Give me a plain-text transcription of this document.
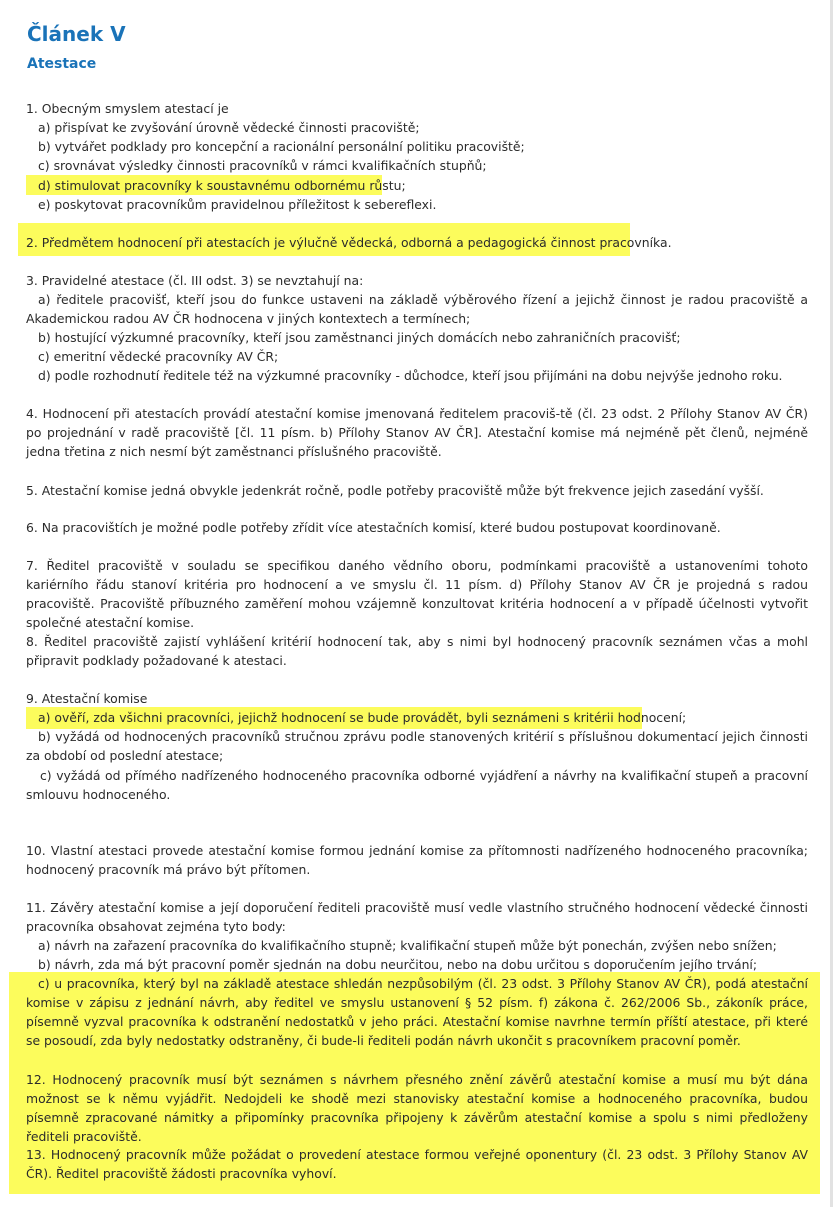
Článek V
Atestace
1. Obecným smyslem atestací je
a) přispívat ke zvyšování úrovně vědecké činnosti pracoviště;
b) vytvářet podklady pro koncepční a racionální personální politiku pracoviště;
c) srovnávat výsledky činnosti pracovníků v rámci kvalifikačních stupňů;
d) stimulovat pracovníky k soustavnému odbornému růstu;
e) poskytovat pracovníkům pravidelnou příležitost k sebereflexi.
2. Předmětem hodnocení při atestacích je výlučně vědecká, odborná a pedagogická činnost pracovníka.
3. Pravidelné atestace (čl. III odst. 3) se nevztahují na:

a) ředitele pracovišť, kteří jsou do funkce ustaveni na základě výběrového řízení a jejichž činnost je radou pracoviště a Akademickou radou AV ČR hodnocena v jiných kontextech a termínech;

b) hostující výzkumné pracovníky, kteří jsou zaměstnanci jiných domácích nebo zahraničních pracovišť;
c) emeritní vědecké pracovníky AV ČR;
d) podle rozhodnutí ředitele též na výzkumné pracovníky - důchodce, kteří jsou přijímáni na dobu nejvýše jednoho roku.

4. Hodnocení při atestacích provádí atestační komise jmenovaná ředitelem pracoviš-tě (čl. 23 odst. 2 Přílohy Stanov AV ČR) po projednání v radě pracoviště [čl. 11 písm. b) Přílohy Stanov AV ČR]. Atestační komise má nejméně pět členů, nejméně jedna třetina z nich nesmí být zaměstnanci příslušného pracoviště.

5. Atestační komise jedná obvykle jedenkrát ročně, podle potřeby pracoviště může být frekvence jejich zasedání vyšší.
6. Na pracovištích je možné podle potřeby zřídit více atestačních komisí, které budou postupovat koordinovaně.

7. Ředitel pracoviště v souladu se specifikou daného vědního oboru, podmínkami pracoviště a ustanoveními tohoto kariérního řádu stanoví kritéria pro hodnocení a ve smyslu čl. 11 písm. d) Přílohy Stanov AV ČR je projedná s radou pracoviště. Pracoviště příbuzného zaměření mohou vzájemně konzultovat kritéria hodnocení a v případě účelnosti vytvořit společné atestační komise.

8. Ředitel pracoviště zajistí vyhlášení kritérií hodnocení tak, aby s nimi byl hodnocený pracovník seznámen včas a mohl připravit podklady požadované k atestaci.

9. Atestační komise
a) ověří, zda všichni pracovníci, jejichž hodnocení se bude provádět, byli seznámeni s kritérii hodnocení;

b) vyžádá od hodnocených pracovníků stručnou zprávu podle stanovených kritérií s příslušnou dokumentací jejich činnosti za období od poslední atestace;

c) vyžádá od přímého nadřízeného hodnoceného pracovníka odborné vyjádření a návrhy na kvalifikační stupeň a pracovní smlouvu hodnoceného.

10. Vlastní atestaci provede atestační komise formou jednání komise za přítomnosti nadřízeného hodnoceného pracovníka; hodnocený pracovník má právo být přítomen.

11. Závěry atestační komise a její doporučení řediteli pracoviště musí vedle vlastního stručného hodnocení vědecké činnosti pracovníka obsahovat zejména tyto body:

a) návrh na zařazení pracovníka do kvalifikačního stupně; kvalifikační stupeň může být ponechán, zvýšen nebo snížen;
b) návrh, zda má být pracovní poměr sjednán na dobu neurčitou, nebo na dobu určitou s doporučením jejího trvání;

c) u pracovníka, který byl na základě atestace shledán nezpůsobilým (čl. 23 odst. 3 Přílohy Stanov AV ČR), podá atestační komise v zápisu z jednání návrh, aby ředitel ve smyslu ustanovení § 52 písm. f) zákona č. 262/2006 Sb., zákoník práce, písemně vyzval pracovníka k odstranění nedostatků v jeho práci. Atestační komise navrhne termín příští atestace, při které se posoudí, zda byly nedostatky odstraněny, či bude-li řediteli podán návrh ukončit s pracovníkem pracovní poměr.

12. Hodnocený pracovník musí být seznámen s návrhem přesného znění závěrů atestační komise a musí mu být dána možnost se k němu vyjádřit. Nedojdeli ke shodě mezi stanovisky atestační komise a hodnoceného pracovníka, budou písemně zpracované námitky a připomínky pracovníka připojeny k závěrům atestační komise a spolu s nimi předloženy řediteli pracoviště.

13. Hodnocený pracovník může požádat o provedení atestace formou veřejné oponentury (čl. 23 odst. 3 Přílohy Stanov AV ČR). Ředitel pracoviště žádosti pracovníka vyhoví.
